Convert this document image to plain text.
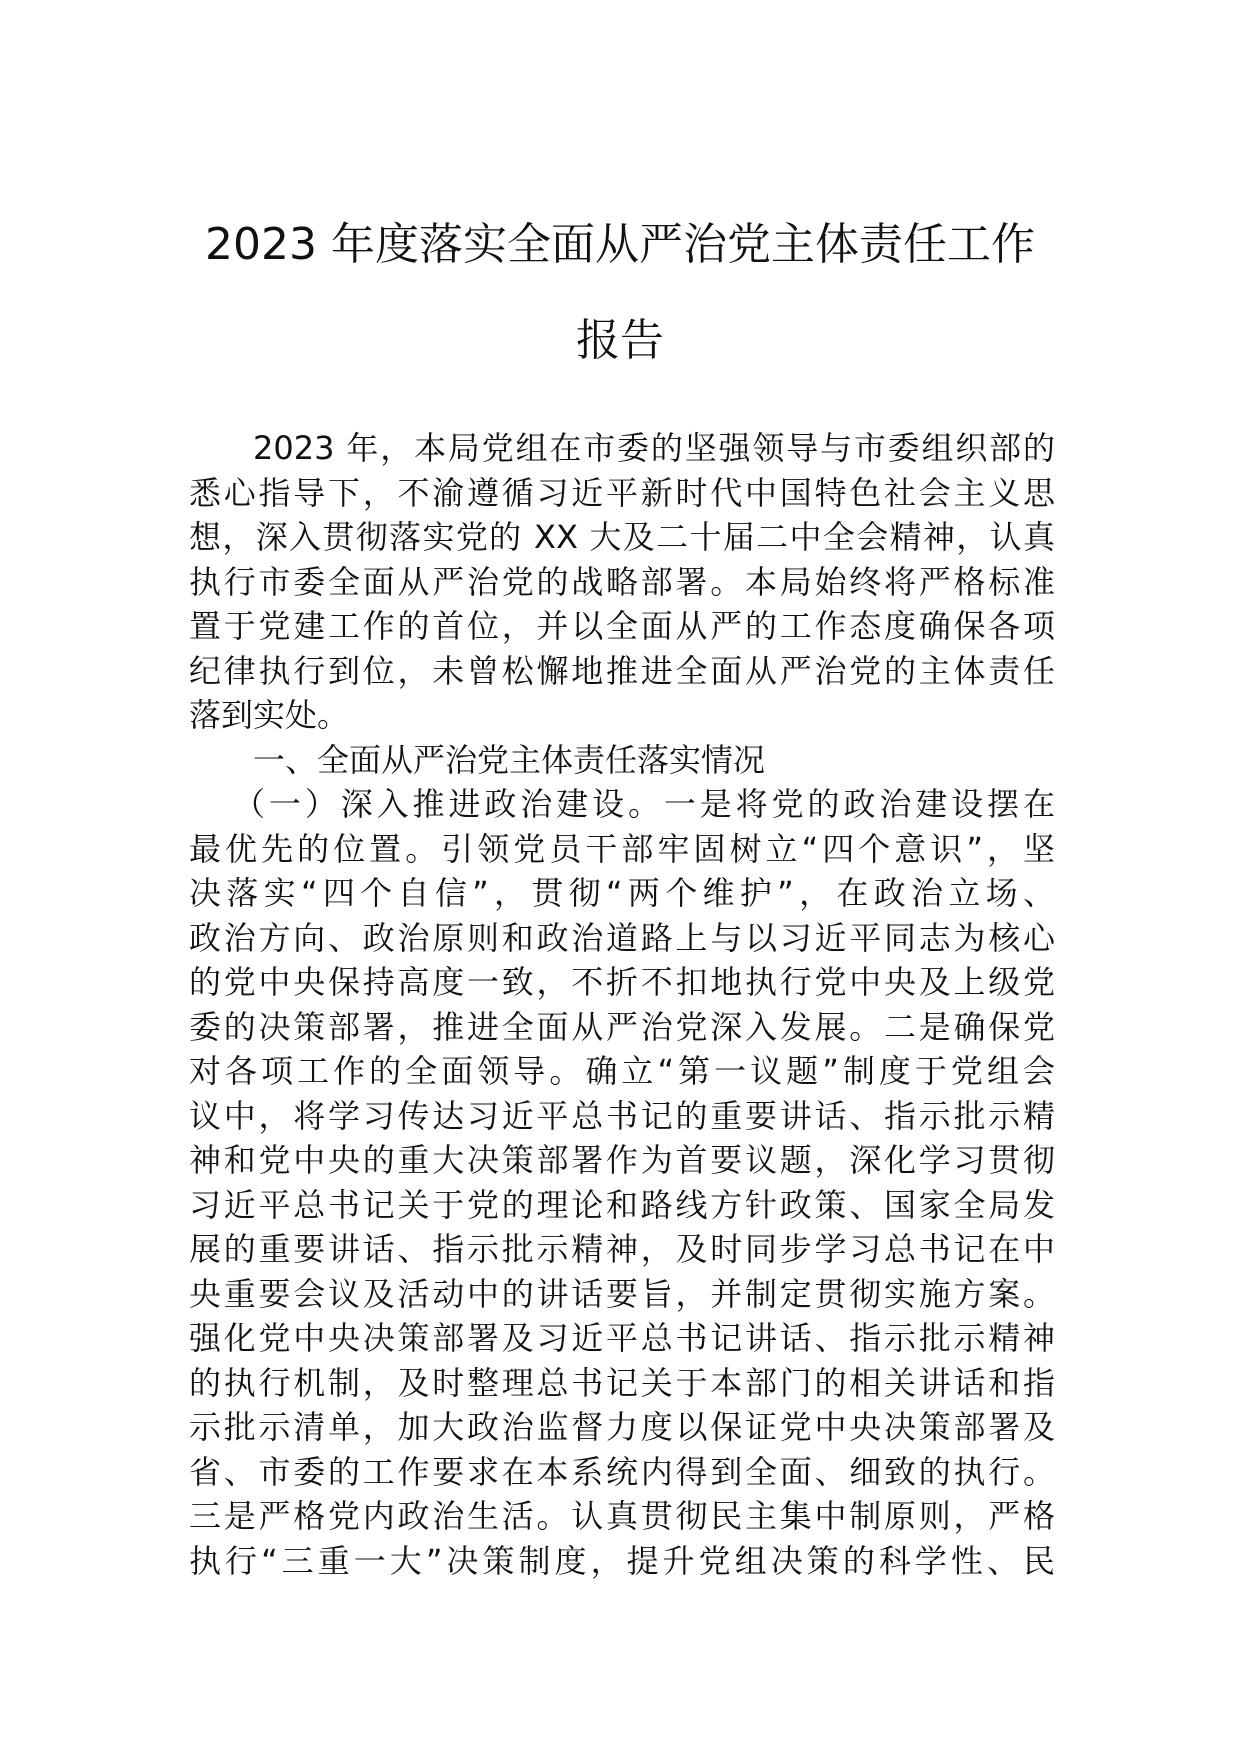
2023 年度落实全面从严治党主体责任工作
报告
2023 年，本局党组在市委的坚强领导与市委组织部的
悉心指导下，不渝遵循习近平新时代中国特色社会主义思
想，深入贯彻落实党的 XX 大及二十届二中全会精神，认真
执行市委全面从严治党的战略部署。本局始终将严格标准
置于党建工作的首位，并以全面从严的工作态度确保各项
纪律执行到位，未曾松懈地推进全面从严治党的主体责任
落到实处。
一、全面从严治党主体责任落实情况
（一）深入推进政治建设。一是将党的政治建设摆在
最优先的位置。引领党员干部牢固树立“四个意识”，坚
决落实“四个自信”，贯彻“两个维护”，在政治立场、
政治方向、政治原则和政治道路上与以习近平同志为核心
的党中央保持高度一致，不折不扣地执行党中央及上级党
委的决策部署，推进全面从严治党深入发展。二是确保党
对各项工作的全面领导。确立“第一议题”制度于党组会
议中，将学习传达习近平总书记的重要讲话、指示批示精
神和党中央的重大决策部署作为首要议题，深化学习贯彻
习近平总书记关于党的理论和路线方针政策、国家全局发
展的重要讲话、指示批示精神，及时同步学习总书记在中
央重要会议及活动中的讲话要旨，并制定贯彻实施方案。
强化党中央决策部署及习近平总书记讲话、指示批示精神
的执行机制，及时整理总书记关于本部门的相关讲话和指
示批示清单，加大政治监督力度以保证党中央决策部署及
省、市委的工作要求在本系统内得到全面、细致的执行。
三是严格党内政治生活。认真贯彻民主集中制原则，严格
执行“三重一大”决策制度，提升党组决策的科学性、民
